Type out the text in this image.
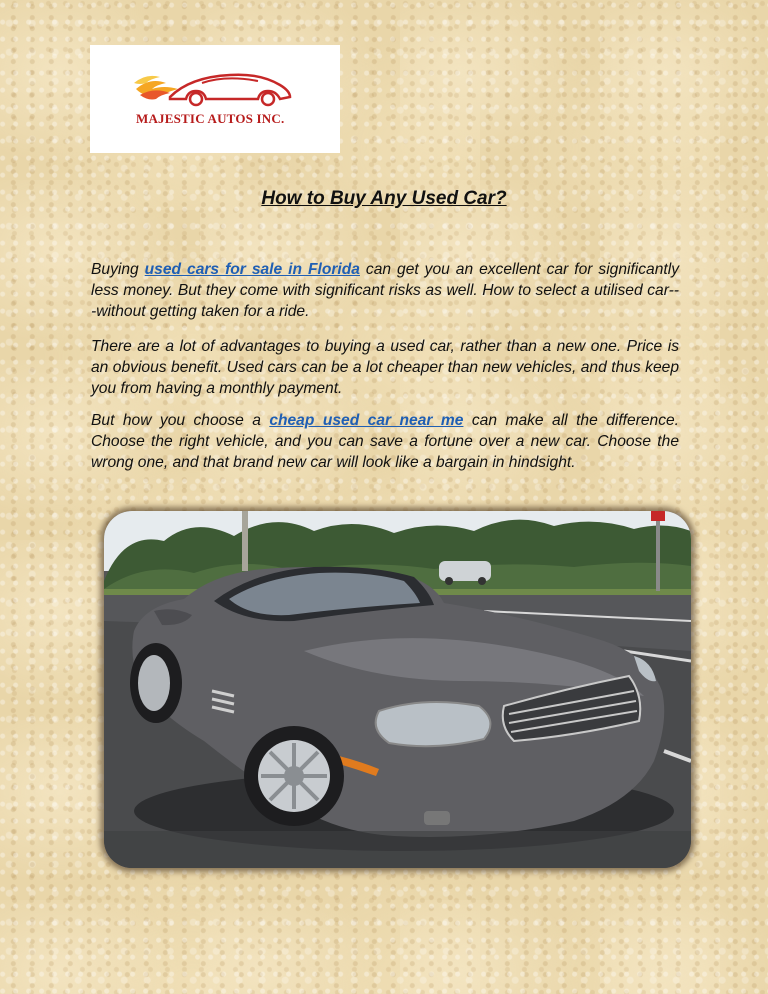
MAJESTIC AUTOS INC.
How to Buy Any Used Car?

Buying used cars for sale in Florida can get you an excellent car for significantly less money. But they come with significant risks as well. How to select a utilised car---without getting taken for a ride.

There are a lot of advantages to buying a used car, rather than a new one. Price is an obvious benefit. Used cars can be a lot cheaper than new vehicles, and thus keep you from having a monthly payment.

But how you choose a cheap used car near me can make all the difference. Choose the right vehicle, and you can save a fortune over a new car. Choose the wrong one, and that brand new car will look like a bargain in hindsight.
